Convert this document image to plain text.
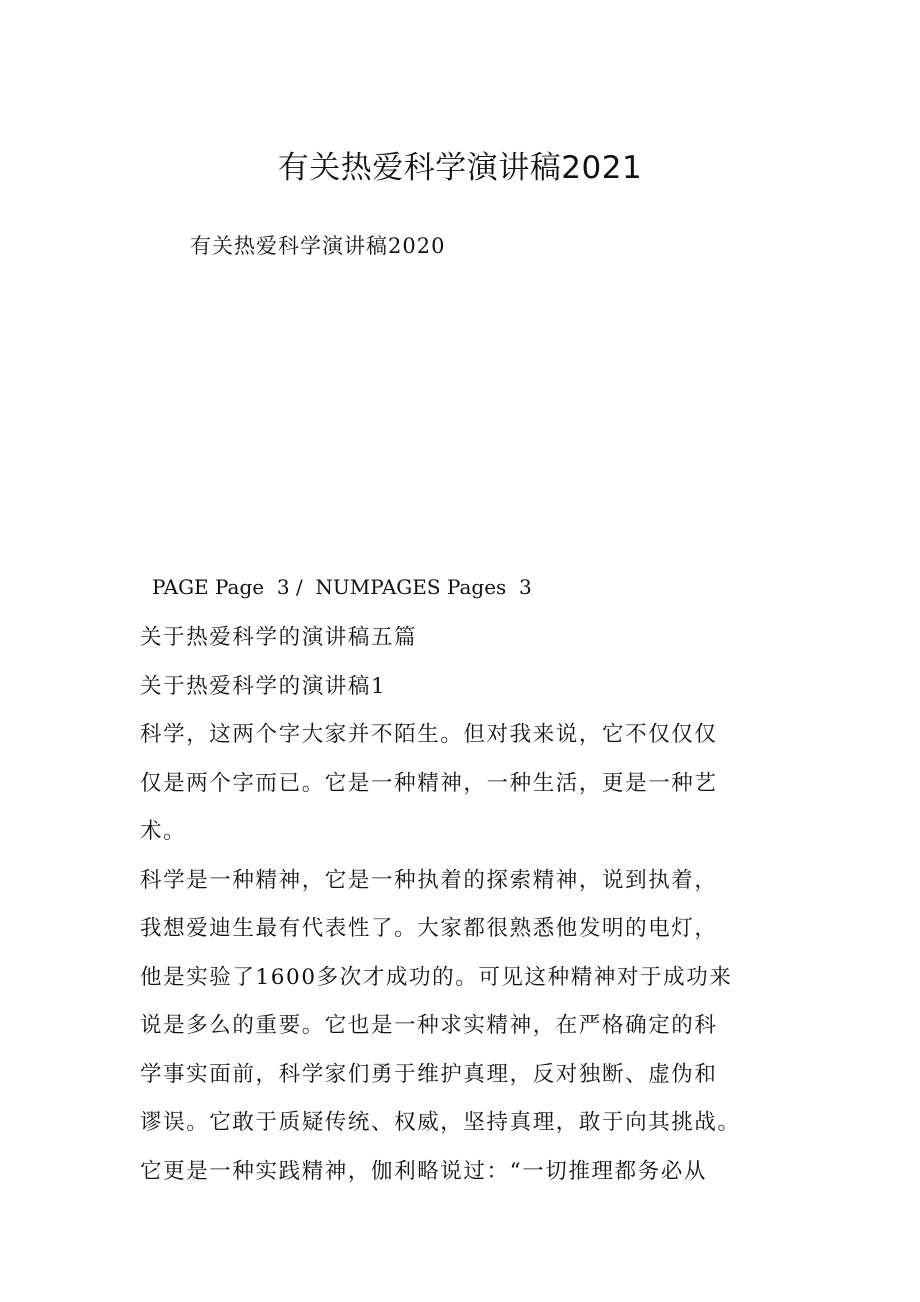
有关热爱科学演讲稿2021

有关热爱科学演讲稿2020

PAGE Page 3 / NUMPAGES Pages 3

关于热爱科学的演讲稿五篇

关于热爱科学的演讲稿1

科学，这两个字大家并不陌生。但对我来说，它不仅仅仅

仅是两个字而已。它是一种精神，一种生活，更是一种艺

术。

科学是一种精神，它是一种执着的探索精神，说到执着，

我想爱迪生最有代表性了。大家都很熟悉他发明的电灯，

他是实验了1600多次才成功的。可见这种精神对于成功来

说是多么的重要。它也是一种求实精神，在严格确定的科

学事实面前，科学家们勇于维护真理，反对独断、虚伪和

谬误。它敢于质疑传统、权威，坚持真理，敢于向其挑战。

它更是一种实践精神，伽利略说过：“一切推理都务必从
